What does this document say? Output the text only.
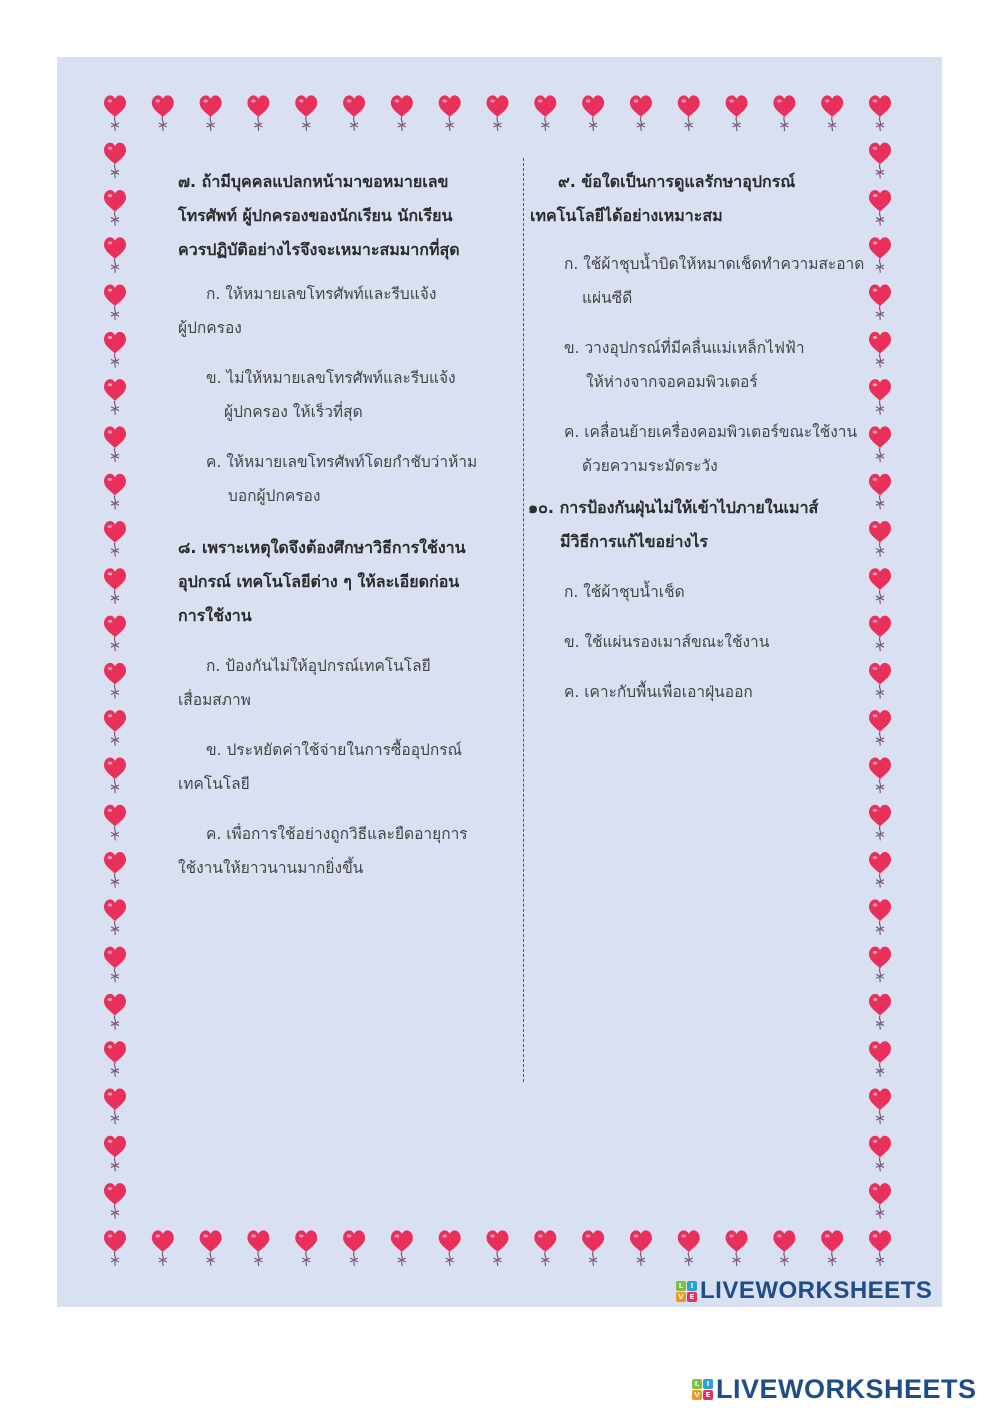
๗. ถ้ามีบุคคลแปลกหน้ามาขอหมายเลข
โทรศัพท์ ผู้ปกครองของนักเรียน นักเรียน
ควรปฏิบัติอย่างไรจึงจะเหมาะสมมากที่สุด

ก. ให้หมายเลขโทรศัพท์และรีบแจ้ง
ผู้ปกครอง

ข. ไม่ให้หมายเลขโทรศัพท์และรีบแจ้ง
ผู้ปกครอง ให้เร็วที่สุด

ค. ให้หมายเลขโทรศัพท์โดยกำชับว่าห้าม
บอกผู้ปกครอง

๘. เพราะเหตุใดจึงต้องศึกษาวิธีการใช้งาน
อุปกรณ์ เทคโนโลยีต่าง ๆ ให้ละเอียดก่อน
การใช้งาน

ก. ป้องกันไม่ให้อุปกรณ์เทคโนโลยี
เสื่อมสภาพ

ข. ประหยัดค่าใช้จ่ายในการซื้ออุปกรณ์
เทคโนโลยี

ค. เพื่อการใช้อย่างถูกวิธีและยืดอายุการ
ใช้งานให้ยาวนานมากยิ่งขึ้น

๙. ข้อใดเป็นการดูแลรักษาอุปกรณ์
เทคโนโลยีได้อย่างเหมาะสม

ก. ใช้ผ้าชุบน้ำบิดให้หมาดเช็ดทำความสะอาด
แผ่นซีดี

ข. วางอุปกรณ์ที่มีคลื่นแม่เหล็กไฟฟ้า
ให้ห่างจากจอคอมพิวเตอร์

ค. เคลื่อนย้ายเครื่องคอมพิวเตอร์ขณะใช้งาน
ด้วยความระมัดระวัง

๑๐. การป้องกันฝุ่นไม่ให้เข้าไปภายในเมาส์
มีวิธีการแก้ไขอย่างไร

ก. ใช้ผ้าชุบน้ำเช็ด

ข. ใช้แผ่นรองเมาส์ขณะใช้งาน

ค. เคาะกับพื้นเพื่อเอาฝุ่นออก

L	I
V E LIVEWORKSHEETS
L	I
V E LIVEWORKSHEETS
